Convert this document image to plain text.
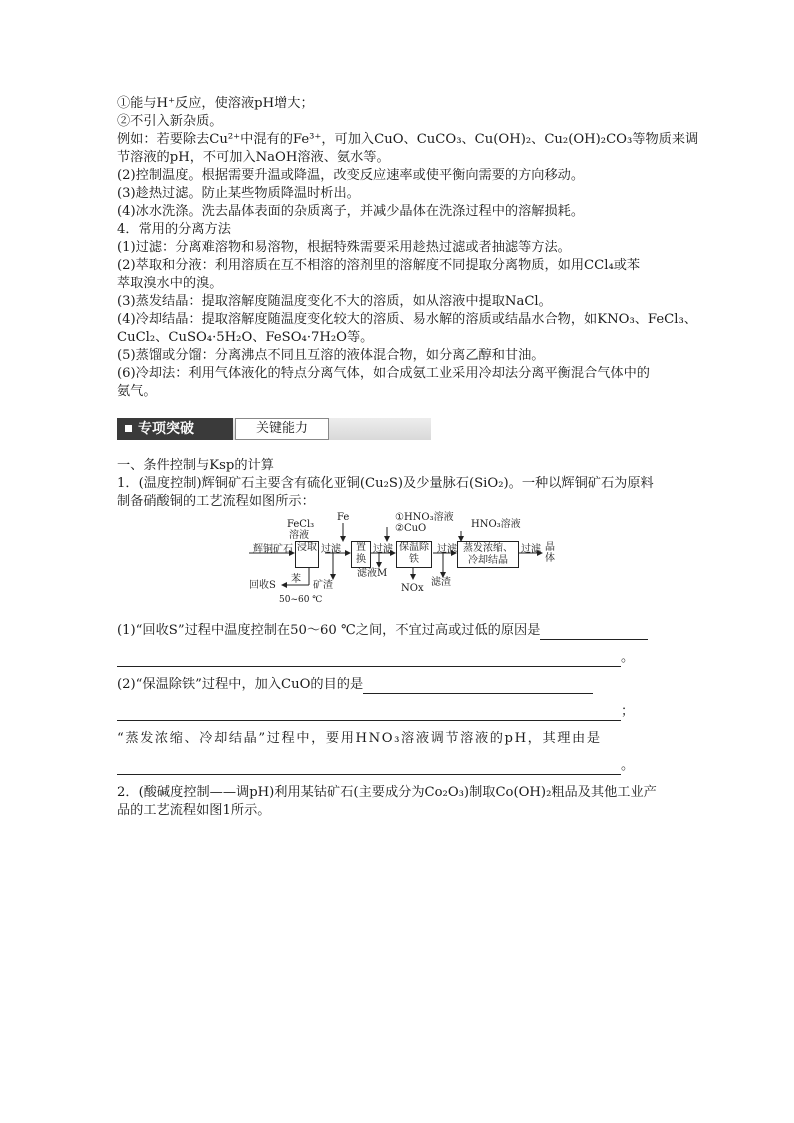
①能与H⁺反应，使溶液pH增大；

②不引入新杂质。

例如：若要除去Cu²⁺中混有的Fe³⁺，可加入CuO、CuCO₃、Cu(OH)₂、Cu₂(OH)₂CO₃等物质来调

节溶液的pH，不可加入NaOH溶液、氨水等。

(2)控制温度。根据需要升温或降温，改变反应速率或使平衡向需要的方向移动。

(3)趁热过滤。防止某些物质降温时析出。

(4)冰水洗涤。洗去晶体表面的杂质离子，并减少晶体在洗涤过程中的溶解损耗。

4．常用的分离方法

(1)过滤：分离难溶物和易溶物，根据特殊需要采用趁热过滤或者抽滤等方法。

(2)萃取和分液：利用溶质在互不相溶的溶剂里的溶解度不同提取分离物质，如用CCl₄或苯

萃取溴水中的溴。

(3)蒸发结晶：提取溶解度随温度变化不大的溶质，如从溶液中提取NaCl。

(4)冷却结晶：提取溶解度随温度变化较大的溶质、易水解的溶质或结晶水合物，如KNO₃、FeCl₃、

CuCl₂、CuSO₄·5H₂O、FeSO₄·7H₂O等。

(5)蒸馏或分馏：分离沸点不同且互溶的液体混合物，如分离乙醇和甘油。

(6)冷却法：利用气体液化的特点分离气体，如合成氨工业采用冷却法分离平衡混合气体中的

氨气。

专项突破	关键能力

一、条件控制与Ksp的计算

1．(温度控制)辉铜矿石主要含有硫化亚铜(Cu₂S)及少量脉石(SiO₂)。一种以辉铜矿石为原料

制备硝酸铜的工艺流程如图所示：

辉铜矿石
FeCl₃
溶液
浸取 过滤
Fe
置换
过滤
①HNO₃溶液
②CuO
保温除铁
过滤
HNO₃溶液
蒸发浓缩、冷却结晶
过滤 晶体
回收S
苯
50~60 ℃
矿渣
滤液M
NOx
滤渣

(1)“回收S”过程中温度控制在50～60 ℃之间，不宜过高或过低的原因是

。

(2)“保温除铁”过程中，加入CuO的目的是

；

“蒸发浓缩、冷却结晶”过程中，要用HNO₃溶液调节溶液的pH，其理由是

。

2．(酸碱度控制——调pH)利用某钴矿石(主要成分为Co₂O₃)制取Co(OH)₂粗品及其他工业产

品的工艺流程如图1所示。
